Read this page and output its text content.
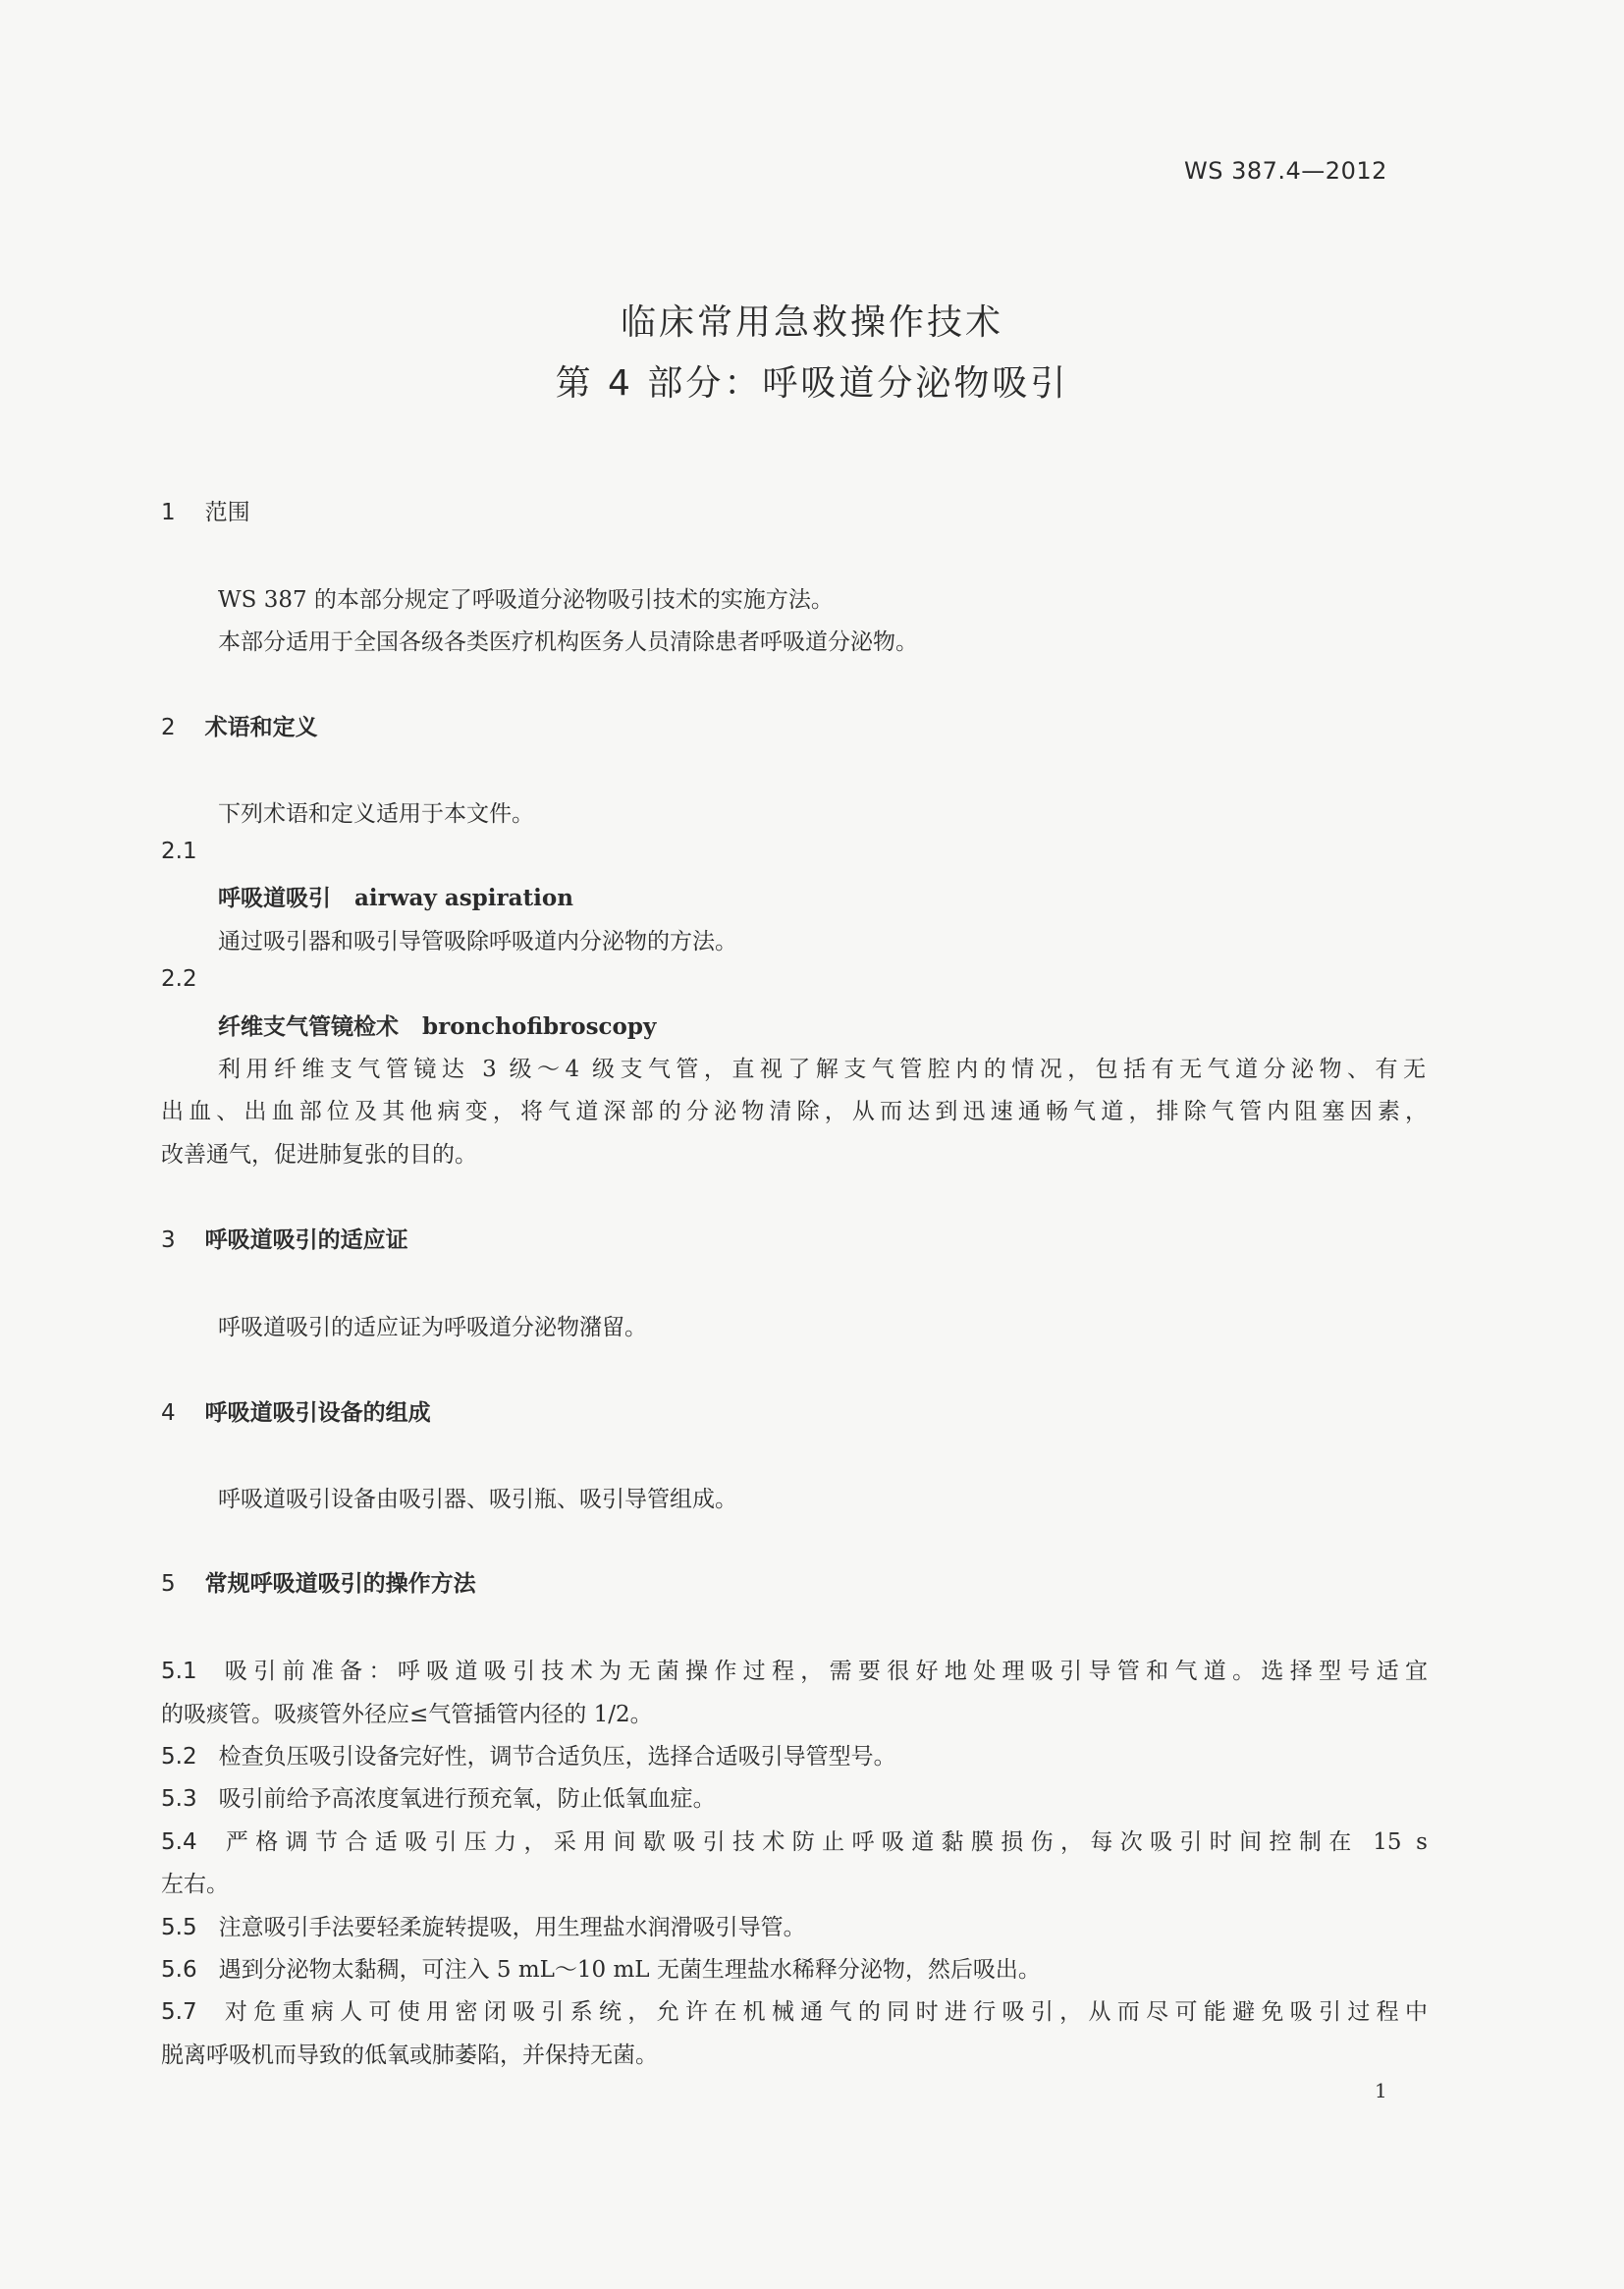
WS 387.4—2012
临床常用急救操作技术
第 4 部分：呼吸道分泌物吸引
1 范围
WS 387 的本部分规定了呼吸道分泌物吸引技术的实施方法。
本部分适用于全国各级各类医疗机构医务人员清除患者呼吸道分泌物。
2 术语和定义
下列术语和定义适用于本文件。
2.1
呼吸道吸引 airway aspiration
通过吸引器和吸引导管吸除呼吸道内分泌物的方法。
2.2
纤维支气管镜检术 bronchofibroscopy
利用纤维支气管镜达 3 级～4 级支气管，直视了解支气管腔内的情况，包括有无气道分泌物、有无
出血、出血部位及其他病变，将气道深部的分泌物清除，从而达到迅速通畅气道，排除气管内阻塞因素，
改善通气，促进肺复张的目的。
3 呼吸道吸引的适应证
呼吸道吸引的适应证为呼吸道分泌物潴留。
4 呼吸道吸引设备的组成
呼吸道吸引设备由吸引器、吸引瓶、吸引导管组成。
5 常规呼吸道吸引的操作方法
5.1 吸引前准备：呼吸道吸引技术为无菌操作过程，需要很好地处理吸引导管和气道。选择型号适宜
的吸痰管。吸痰管外径应≤气管插管内径的 1/2。
5.2 检查负压吸引设备完好性，调节合适负压，选择合适吸引导管型号。
5.3 吸引前给予高浓度氧进行预充氧，防止低氧血症。
5.4 严格调节合适吸引压力，采用间歇吸引技术防止呼吸道黏膜损伤，每次吸引时间控制在 15 s
左右。
5.5 注意吸引手法要轻柔旋转提吸，用生理盐水润滑吸引导管。
5.6 遇到分泌物太黏稠，可注入 5 mL～10 mL 无菌生理盐水稀释分泌物，然后吸出。
5.7 对危重病人可使用密闭吸引系统，允许在机械通气的同时进行吸引，从而尽可能避免吸引过程中
脱离呼吸机而导致的低氧或肺萎陷，并保持无菌。
1
